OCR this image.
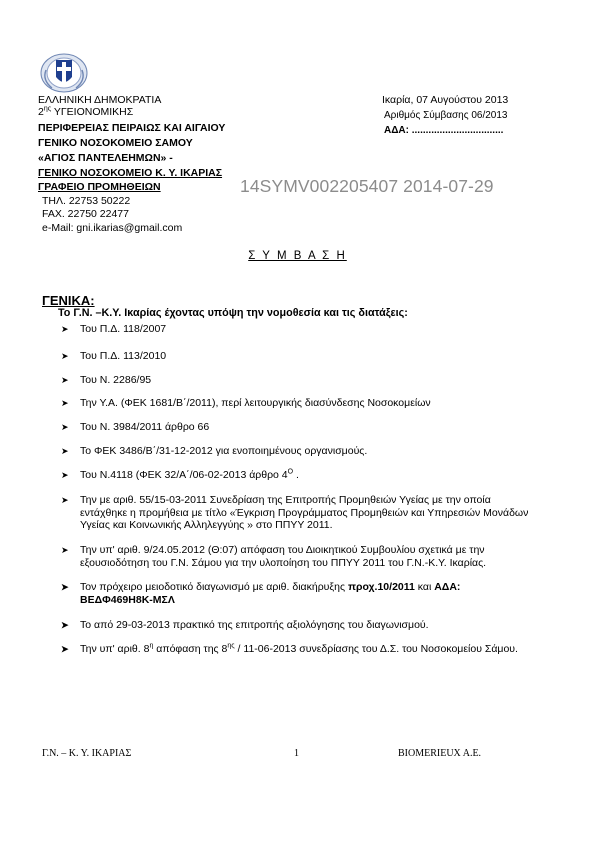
ΕΛΛΗΝΙΚΗ ΔΗΜΟΚΡΑΤΙΑ
$2^{\eta\varsigma}$ ΥΓΕΙΟΝΟΜΙΚΗΣ
ΠΕΡΙΦΕΡΕΙΑΣ ΠΕΙΡΑΙΩΣ ΚΑΙ ΑΙΓΑΙΟΥ
ΓΕΝΙΚΟ ΝΟΣΟΚΟΜΕΙΟ ΣΑΜΟΥ
«ΑΓΙΟΣ ΠΑΝΤΕΛΕΗΜΩΝ» -
ΓΕΝΙΚΟ ΝΟΣΟΚΟΜΕΙΟ Κ. Υ. ΙΚΑΡΙΑΣ
ΓΡΑΦΕΙΟ ΠΡΟΜΗΘΕΙΩΝ
Ικαρία, 07 Αυγούστου 2013
Αριθμός Σύμβασης 06/2013
ΑΔΑ: .................................
14SYMV002205407 2014-07-29
ΤΗΛ. 22753 50222
FAX. 22750 22477
e-Mail: gni.ikarias@gmail.com
Σ Υ Μ Β Α Σ Η
ΓΕΝΙΚΑ:
Το Γ.Ν. –Κ.Υ. Ικαρίας έχοντας υπόψη την νομοθεσία και τις διατάξεις:
➤ Του Π.Δ. 118/2007
➤ Του Π.Δ. 113/2010
➤ Του Ν. 2286/95
➤ Την Υ.Α. (ΦΕΚ 1681/Β΄/2011), περί λειτουργικής διασύνδεσης Νοσοκομείων
➤ Του Ν. 3984/2011 άρθρο 66
➤ Το ΦΕΚ 3486/Β΄/31-12-2012 για ενοποιημένους οργανισμούς.
➤ Του Ν.4118 (ΦΕΚ 32/Α΄/06-02-2013 άρθρο $4^O$ .
➤ Την με αριθ. 55/15-03-2011 Συνεδρίαση της Επιτροπής Προμηθειών Υγείας με την οποία εντάχθηκε η προμήθεια με τίτλο «Έγκριση Προγράμματος Προμηθειών και Υπηρεσιών Μονάδων Υγείας και Κοινωνικής Αλληλεγγύης » στο ΠΠΥΥ 2011.
➤ Την υπ' αριθ. 9/24.05.2012 (Θ:07) απόφαση του Διοικητικού Συμβουλίου σχετικά με την εξουσιοδότηση του Γ.Ν. Σάμου για την υλοποίηση του ΠΠΥΥ 2011 του Γ.Ν.-Κ.Υ. Ικαρίας.
➤ Τον πρόχειρο μειοδοτικό διαγωνισμό με αριθ. διακήρυξης προχ.10/2011 και ΑΔΑ:
ΒΕΔΦ469Η8Κ-ΜΣΛ
➤ Το από 29-03-2013 πρακτικό της επιτροπής αξιολόγησης του διαγωνισμού.
➤ Την υπ' αριθ. $8^\eta$ απόφαση της $8^{\eta\varsigma} / 11-06-2013$ συνεδρίασης του Δ.Σ. του Νοσοκομείου Σάμου.
Γ.Ν. – Κ. Υ. ΙΚΑΡΙΑΣ	1	BIOMERIEUX A.E.
